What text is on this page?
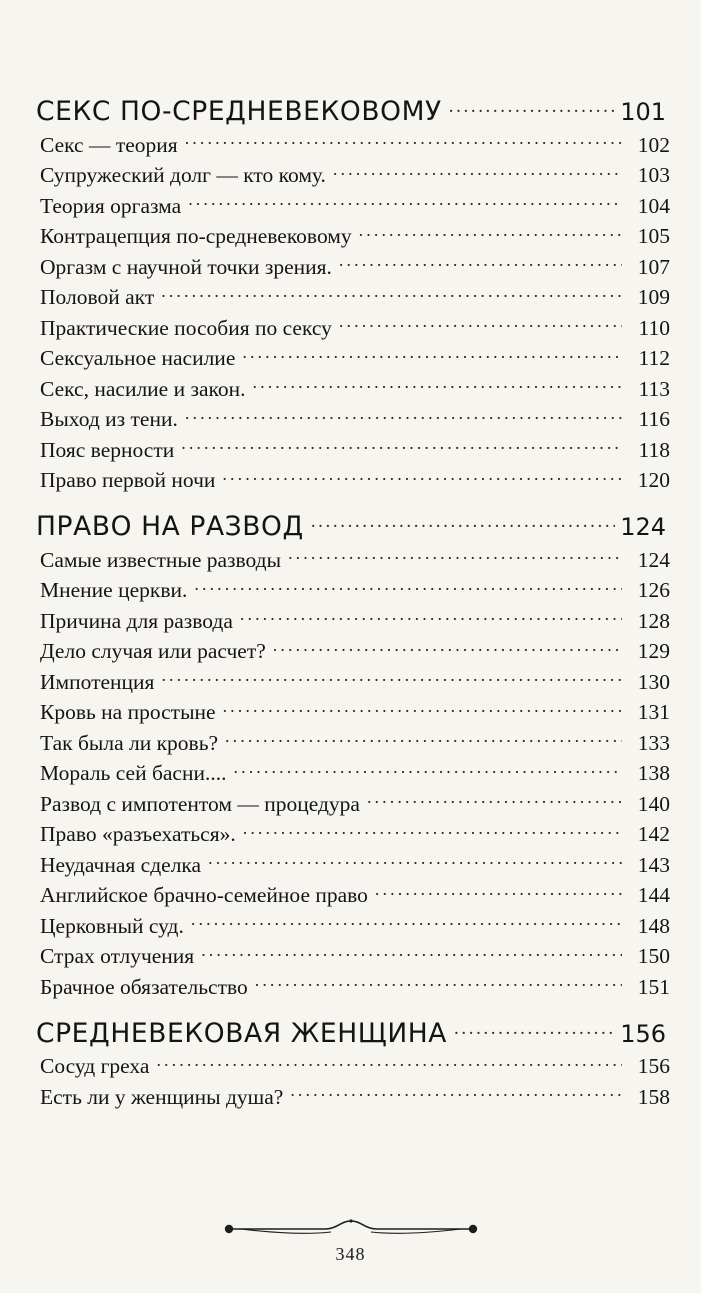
СЕКС ПО-СРЕДНЕВЕКОВОМУ .....	101
Секс — теория .....	102
Супружеский долг — кто кому. .....	103
Теория оргазма .....	104
Контрацепция по-средневековому .....	105
Оргазм с научной точки зрения. .....	107
Половой акт .....	109
Практические пособия по сексу .....	110
Сексуальное насилие .....	112
Секс, насилие и закон. .....	113
Выход из тени. .....	116
Пояс верности .....	118
Право первой ночи .....	120
ПРАВО НА РАЗВОД .....	124
Самые известные разводы .....	124
Мнение церкви. .....	126
Причина для развода .....	128
Дело случая или расчет? .....	129
Импотенция .....	130
Кровь на простыне .....	131
Так была ли кровь? .....	133
Мораль сей басни.... .....	138
Развод с импотентом — процедура .....	140
Право «разъехаться». .....	142
Неудачная сделка .....	143
Английское брачно-семейное право .....	144
Церковный суд. .....	148
Страх отлучения .....	150
Брачное обязательство .....	151
СРЕДНЕВЕКОВАЯ ЖЕНЩИНА .....	156
Сосуд греха .....	156
Есть ли у женщины душа? .....	158
348
